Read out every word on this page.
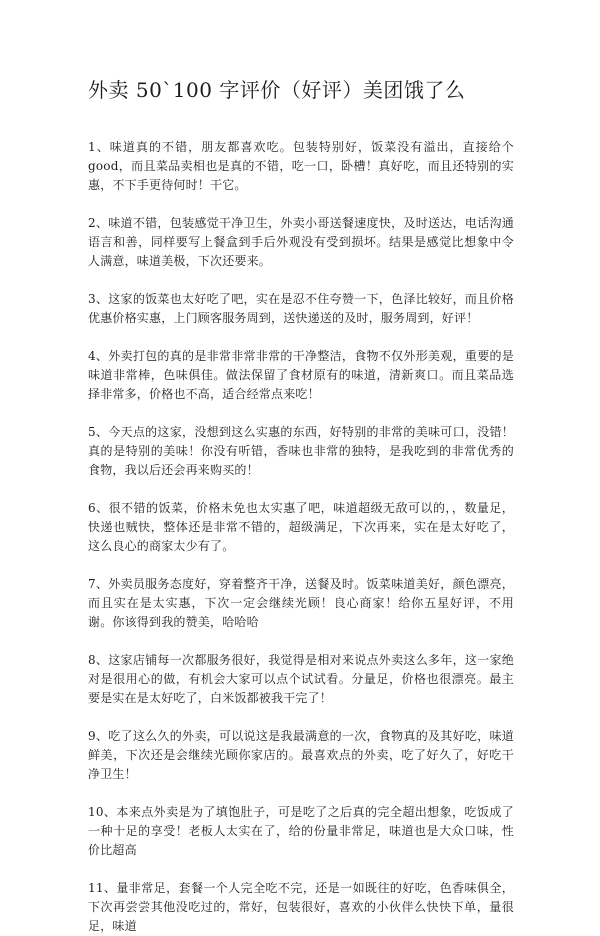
外卖 50`100 字评价（好评）美团饿了么
1、味道真的不错，朋友都喜欢吃。包装特别好，饭菜没有溢出，直接给个 good，而且菜品卖相也是真的不错，吃一口，卧槽！真好吃，而且还特别的实惠，不下手更待何时！干它。
2、味道不错，包装感觉干净卫生，外卖小哥送餐速度快，及时送达，电话沟通语言和善，同样要写上餐盒到手后外观没有受到损坏。结果是感觉比想象中令人满意，味道美极，下次还要来。
3、这家的饭菜也太好吃了吧，实在是忍不住夸赞一下，色泽比较好，而且价格优惠价格实惠，上门顾客服务周到，送快递送的及时，服务周到，好评！
4、外卖打包的真的是非常非常非常的干净整洁，食物不仅外形美观，重要的是味道非常棒，色味俱佳。做法保留了食材原有的味道，清新爽口。而且菜品选择非常多，价格也不高，适合经常点来吃！
5、今天点的这家，没想到这么实惠的东西，好特别的非常的美味可口，没错！真的是特别的美味！你没有听错，香味也非常的独特，是我吃到的非常优秀的食物，我以后还会再来购买的！
6、很不错的饭菜，价格未免也太实惠了吧，味道超级无敌可以的，，数量足，快递也贼快，整体还是非常不错的，超级满足，下次再来，实在是太好吃了，这么良心的商家太少有了。
7、外卖员服务态度好，穿着整齐干净，送餐及时。饭菜味道美好，颜色漂亮，而且实在是太实惠，下次一定会继续光顾！良心商家！给你五星好评，不用谢。你该得到我的赞美，哈哈哈
8、这家店铺每一次都服务很好，我觉得是相对来说点外卖这么多年，这一家绝对是很用心的做，有机会大家可以点个试试看。分量足，价格也很漂亮。最主要是实在是太好吃了，白米饭都被我干完了！
9、吃了这么久的外卖，可以说这是我最满意的一次，食物真的及其好吃，味道鲜美，下次还是会继续光顾你家店的。最喜欢点的外卖，吃了好久了，好吃干净卫生！
10、本来点外卖是为了填饱肚子，可是吃了之后真的完全超出想象，吃饭成了一种十足的享受！老板人太实在了，给的份量非常足，味道也是大众口味，性价比超高
11、量非常足，套餐一个人完全吃不完，还是一如既往的好吃，色香味俱全，下次再尝尝其他没吃过的，常好，包装很好，喜欢的小伙伴么快快下单，量很足，味道
